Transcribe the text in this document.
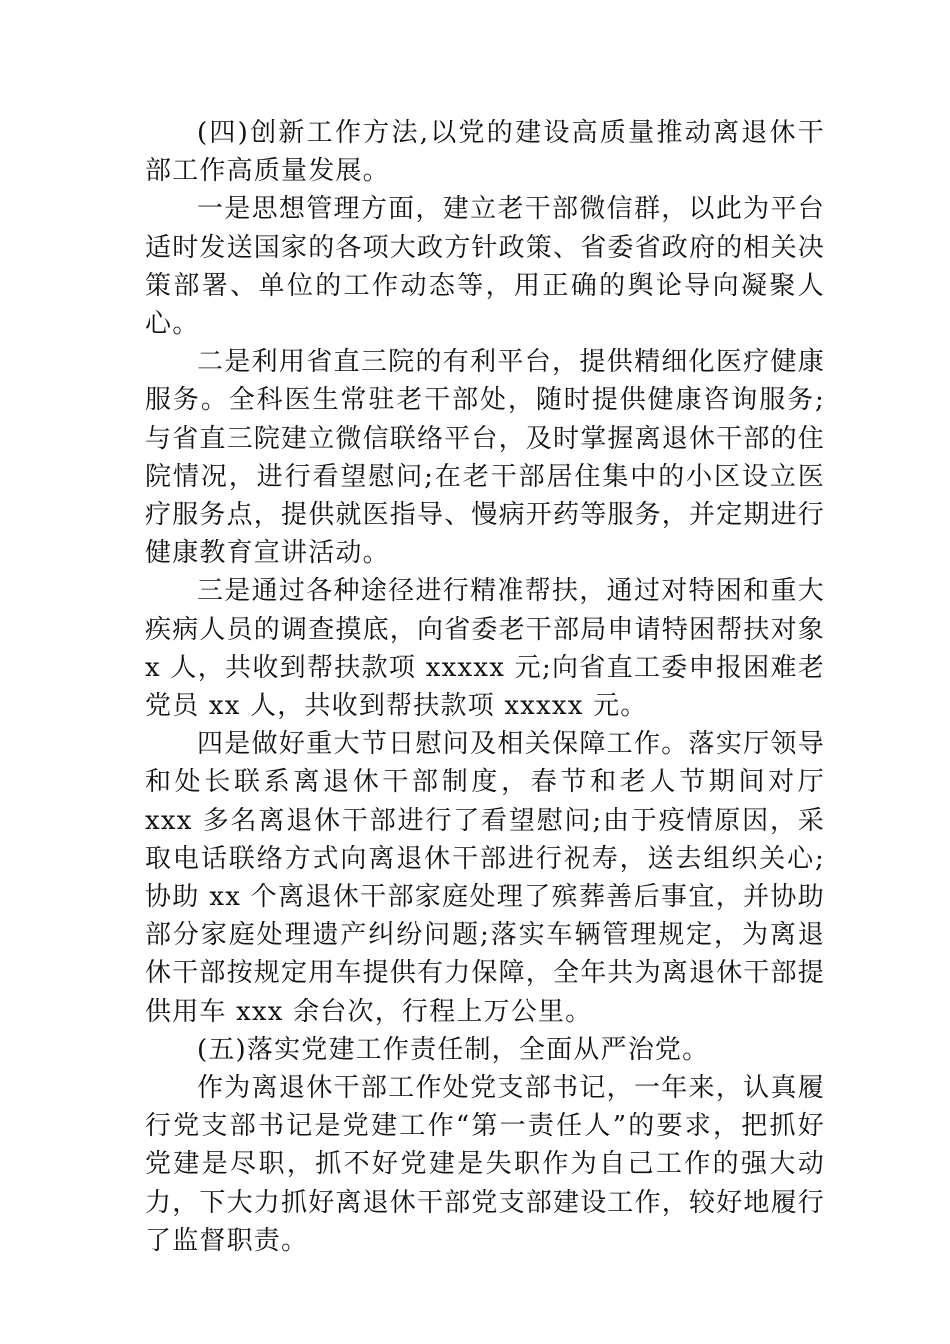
(四)创新工作方法,以党的建设高质量推动离退休干部工作高质量发展。

一是思想管理方面，建立老干部微信群，以此为平台适时发送国家的各项大政方针政策、省委省政府的相关决策部署、单位的工作动态等，用正确的舆论导向凝聚人心。

二是利用省直三院的有利平台，提供精细化医疗健康服务。全科医生常驻老干部处，随时提供健康咨询服务;与省直三院建立微信联络平台，及时掌握离退休干部的住院情况，进行看望慰问;在老干部居住集中的小区设立医疗服务点，提供就医指导、慢病开药等服务，并定期进行健康教育宣讲活动。

三是通过各种途径进行精准帮扶，通过对特困和重大疾病人员的调查摸底，向省委老干部局申请特困帮扶对象 x 人，共收到帮扶款项 xxxxx 元;向省直工委申报困难老党员 xx 人，共收到帮扶款项 xxxxx 元。

四是做好重大节日慰问及相关保障工作。落实厅领导和处长联系离退休干部制度，春节和老人节期间对厅 xxx 多名离退休干部进行了看望慰问;由于疫情原因，采取电话联络方式向离退休干部进行祝寿，送去组织关心;协助 xx 个离退休干部家庭处理了殡葬善后事宜，并协助部分家庭处理遗产纠纷问题;落实车辆管理规定，为离退休干部按规定用车提供有力保障，全年共为离退休干部提供用车 xxx 余台次，行程上万公里。

(五)落实党建工作责任制，全面从严治党。

作为离退休干部工作处党支部书记，一年来，认真履行党支部书记是党建工作“第一责任人”的要求，把抓好党建是尽职，抓不好党建是失职作为自己工作的强大动力，下大力抓好离退休干部党支部建设工作，较好地履行了监督职责。
